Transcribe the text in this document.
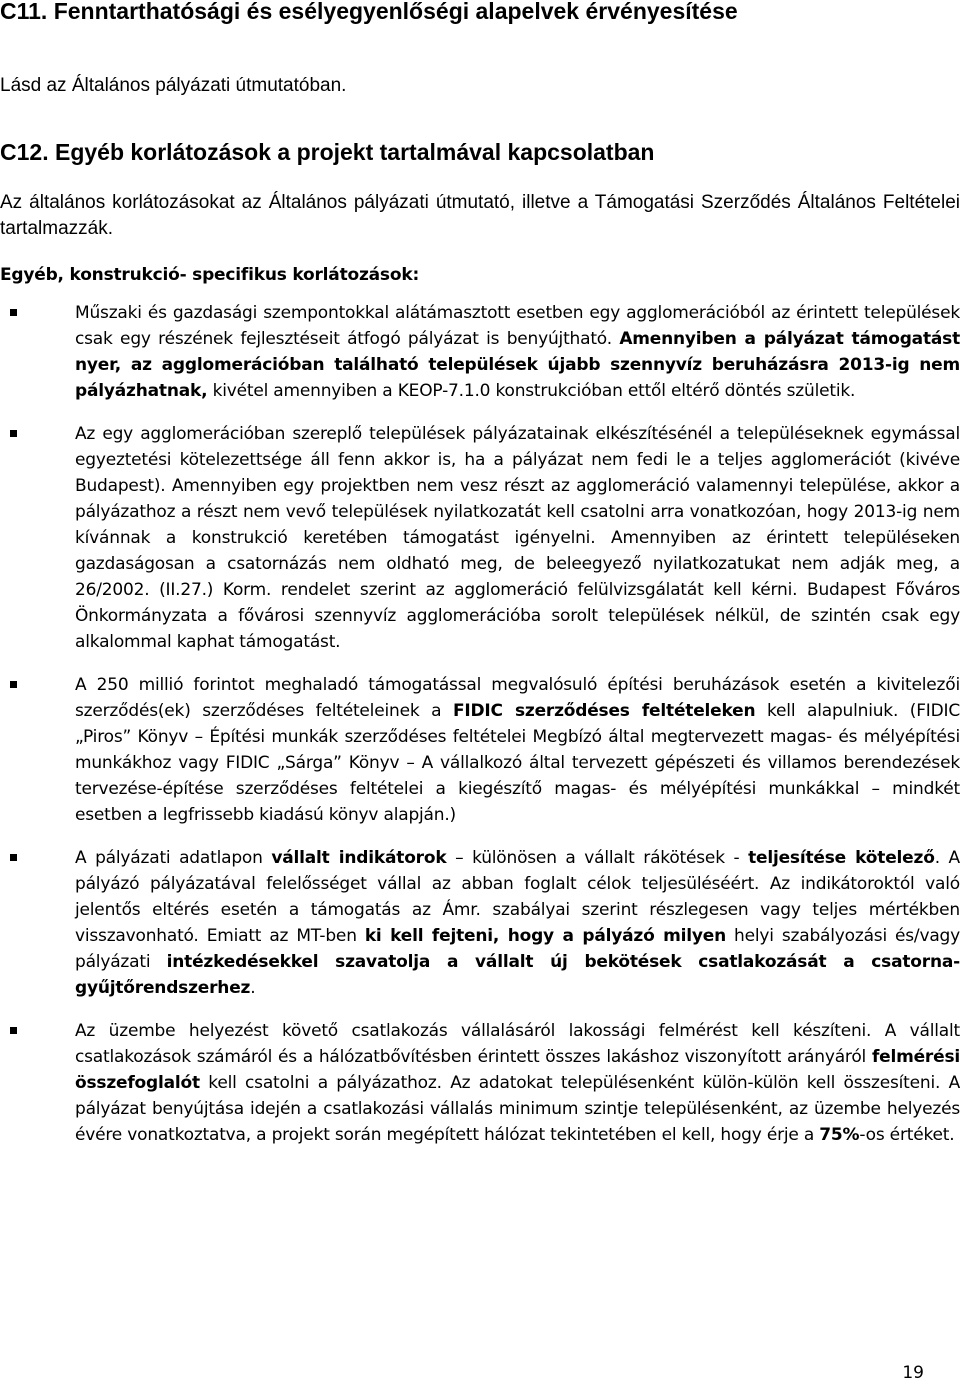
C11. Fenntarthatósági és esélyegyenlőségi alapelvek érvényesítése

Lásd az Általános pályázati útmutatóban.

C12. Egyéb korlátozások a projekt tartalmával kapcsolatban

Az általános korlátozásokat az Általános pályázati útmutató, illetve a Támogatási Szerződés Általános Feltételei tartalmazzák.

Egyéb, konstrukció- specifikus korlátozások:

Műszaki és gazdasági szempontokkal alátámasztott esetben egy agglomerációból az érintett települések csak egy részének fejlesztéseit átfogó pályázat is benyújtható. Amennyiben a pályázat támogatást nyer, az agglomerációban található települések újabb szennyvíz beruházásra 2013-ig nem pályázhatnak, kivétel amennyiben a KEOP-7.1.0 konstrukcióban ettől eltérő döntés születik.
Az egy agglomerációban szereplő települések pályázatainak elkészítésénél a településeknek egymással egyeztetési kötelezettsége áll fenn akkor is, ha a pályázat nem fedi le a teljes agglomerációt (kivéve Budapest). Amennyiben egy projektben nem vesz részt az agglomeráció valamennyi települése, akkor a pályázathoz a részt nem vevő települések nyilatkozatát kell csatolni arra vonatkozóan, hogy 2013-ig nem kívánnak a konstrukció keretében támogatást igényelni. Amennyiben az érintett településeken gazdaságosan a csatornázás nem oldható meg, de beleegyező nyilatkozatukat nem adják meg, a 26/2002. (II.27.) Korm. rendelet szerint az agglomeráció felülvizsgálatát kell kérni. Budapest Főváros Önkormányzata a fővárosi szennyvíz agglomerációba sorolt települések nélkül, de szintén csak egy alkalommal kaphat támogatást.
A 250 millió forintot meghaladó támogatással megvalósuló építési beruházások esetén a kivitelezői szerződés(ek) szerződéses feltételeinek a FIDIC szerződéses feltételeken kell alapulniuk. (FIDIC „Piros” Könyv – Építési munkák szerződéses feltételei Megbízó által megtervezett magas- és mélyépítési munkákhoz vagy FIDIC „Sárga” Könyv – A vállalkozó által tervezett gépészeti és villamos berendezések tervezése-építése szerződéses feltételei a kiegészítő magas- és mélyépítési munkákkal – mindkét esetben a legfrissebb kiadású könyv alapján.)
A pályázati adatlapon vállalt indikátorok – különösen a vállalt rákötések - teljesítése kötelező. A pályázó pályázatával felelősséget vállal az abban foglalt célok teljesüléséért. Az indikátoroktól való jelentős eltérés esetén a támogatás az Ámr. szabályai szerint részlegesen vagy teljes mértékben visszavonható. Emiatt az MT-ben ki kell fejteni, hogy a pályázó milyen helyi szabályozási és/vagy pályázati intézkedésekkel szavatolja a vállalt új bekötések csatlakozását a csatorna-gyűjtőrendszerhez.
Az üzembe helyezést követő csatlakozás vállalásáról lakossági felmérést kell készíteni. A vállalt csatlakozások számáról és a hálózatbővítésben érintett összes lakáshoz viszonyított arányáról felmérési összefoglalót kell csatolni a pályázathoz. Az adatokat településenként külön-külön kell összesíteni. A pályázat benyújtása idején a csatlakozási vállalás minimum szintje településenként, az üzembe helyezés évére vonatkoztatva, a projekt során megépített hálózat tekintetében el kell, hogy érje a 75%-os értéket.

19
